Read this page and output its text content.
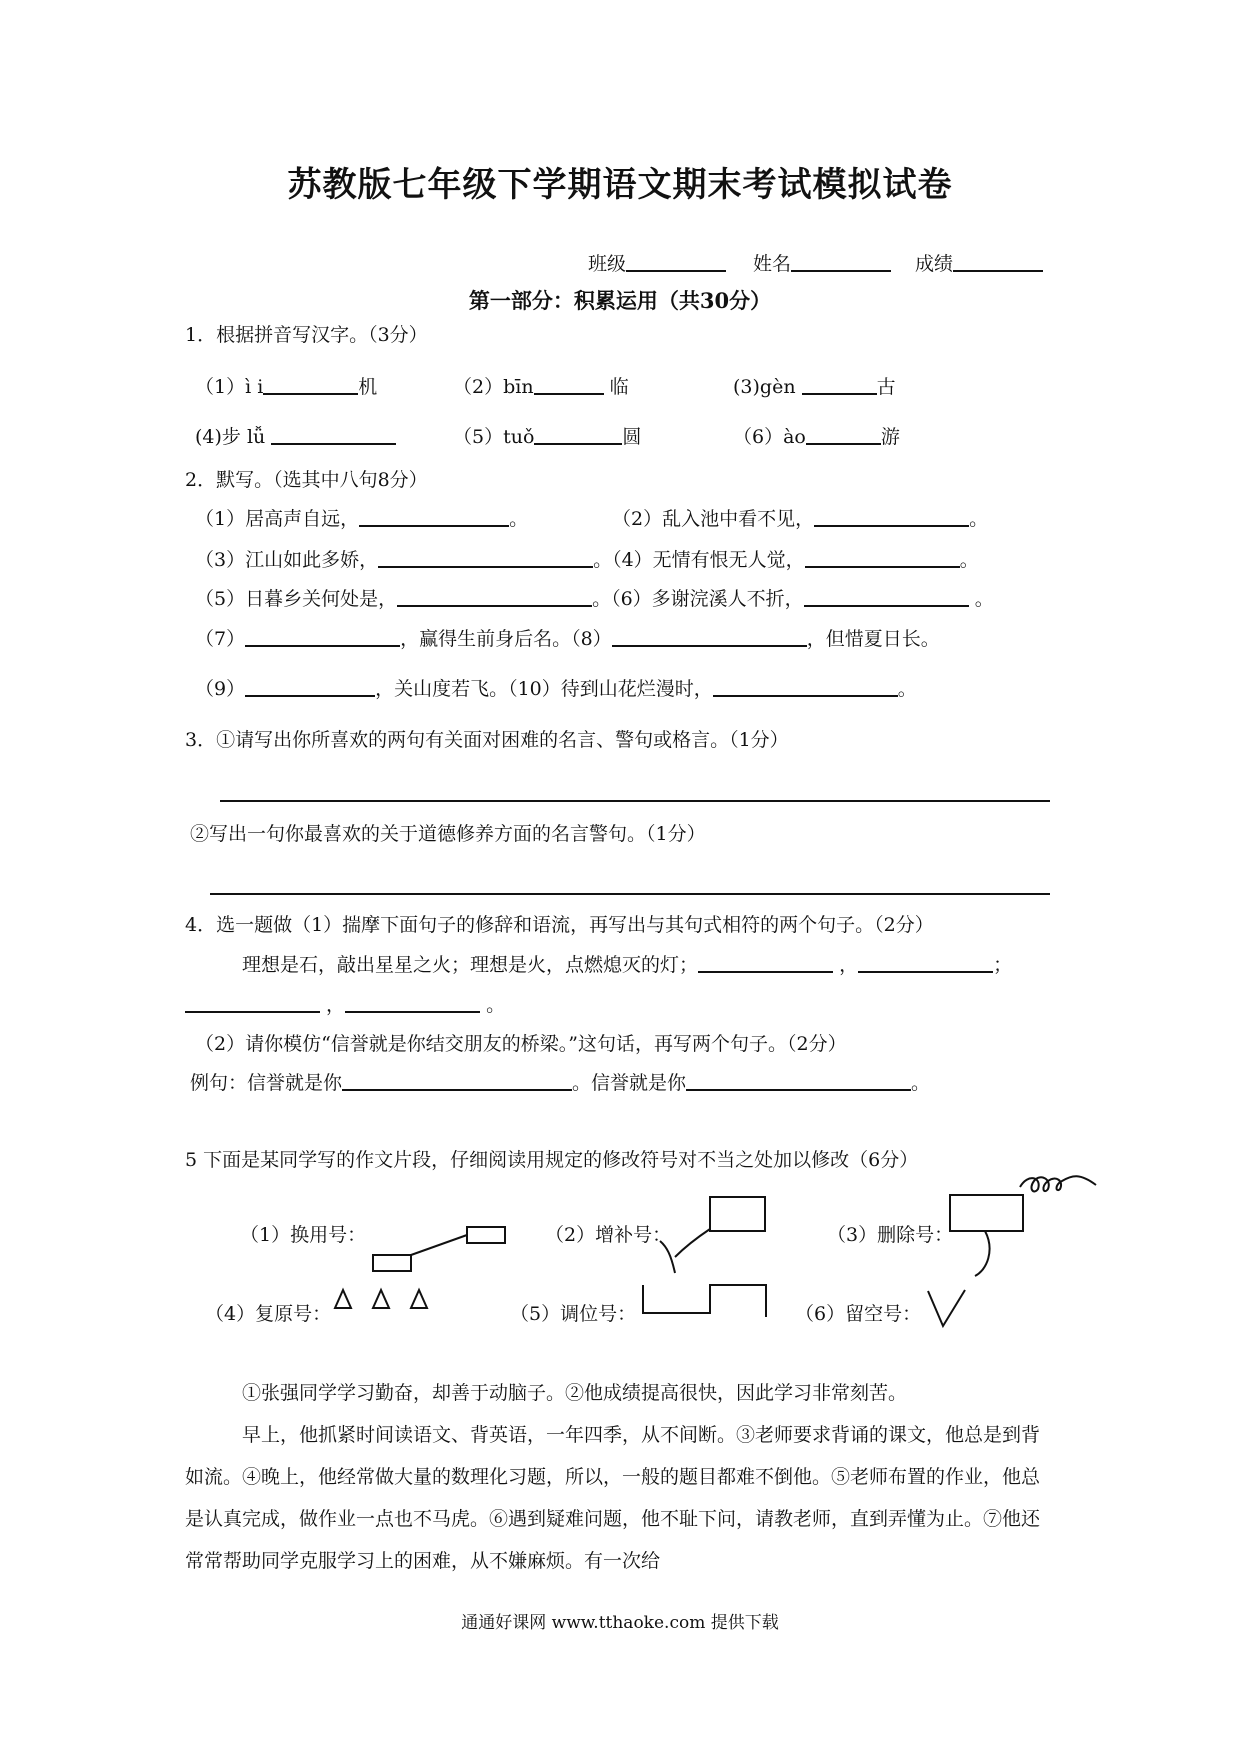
苏教版七年级下学期语文期末考试模拟试卷
班级	姓名	成绩
第一部分：积累运用（共30分）
1．根据拼音写汉字。（3分）
（1）ì i	机	（2）bīn	临	(3)gèn	古
(4)步 lǚ	（5）tuǒ	圆	（6）ào	游
2．默写。（选其中八句8分）
（1）居高声自远，	。	（2）乱入池中看不见，	。
（3）江山如此多娇，	。（4）无情有恨无人觉，	。
（5）日暮乡关何处是，	。（6）多谢浣溪人不折，	。
（7）	，赢得生前身后名。（8）	，但惜夏日长。
（9）	，关山度若飞。（10）待到山花烂漫时，	。
3．①请写出你所喜欢的两句有关面对困难的名言、警句或格言。（1分）
②写出一句你最喜欢的关于道德修养方面的名言警句。（1分）
4．选一题做（1）揣摩下面句子的修辞和语流，再写出与其句式相符的两个句子。（2分）
理想是石，敲出星星之火；理想是火，点燃熄灭的灯；	，	；
，	。
（2）请你模仿“信誉就是你结交朋友的桥梁。”这句话，再写两个句子。（2分）
例句：信誉就是你	。信誉就是你	。
5 下面是某同学写的作文片段，仔细阅读用规定的修改符号对不当之处加以修改（6分）
（1）换用号：	（2）增补号：	（3）删除号：
（4）复原号：	（5）调位号：	（6）留空号：
①张强同学学习勤奋，却善于动脑子。②他成绩提高很快，因此学习非常刻苦。
早上，他抓紧时间读语文、背英语，一年四季，从不间断。③老师要求背诵的课文，他总是到背如流。④晚上，他经常做大量的数理化习题，所以，一般的题目都难不倒他。⑤老师布置的作业，他总是认真完成，做作业一点也不马虎。⑥遇到疑难问题，他不耻下问，请教老师，直到弄懂为止。⑦他还常常帮助同学克服学习上的困难，从不嫌麻烦。有一次给
通通好课网 www.tthaoke.com 提供下载
